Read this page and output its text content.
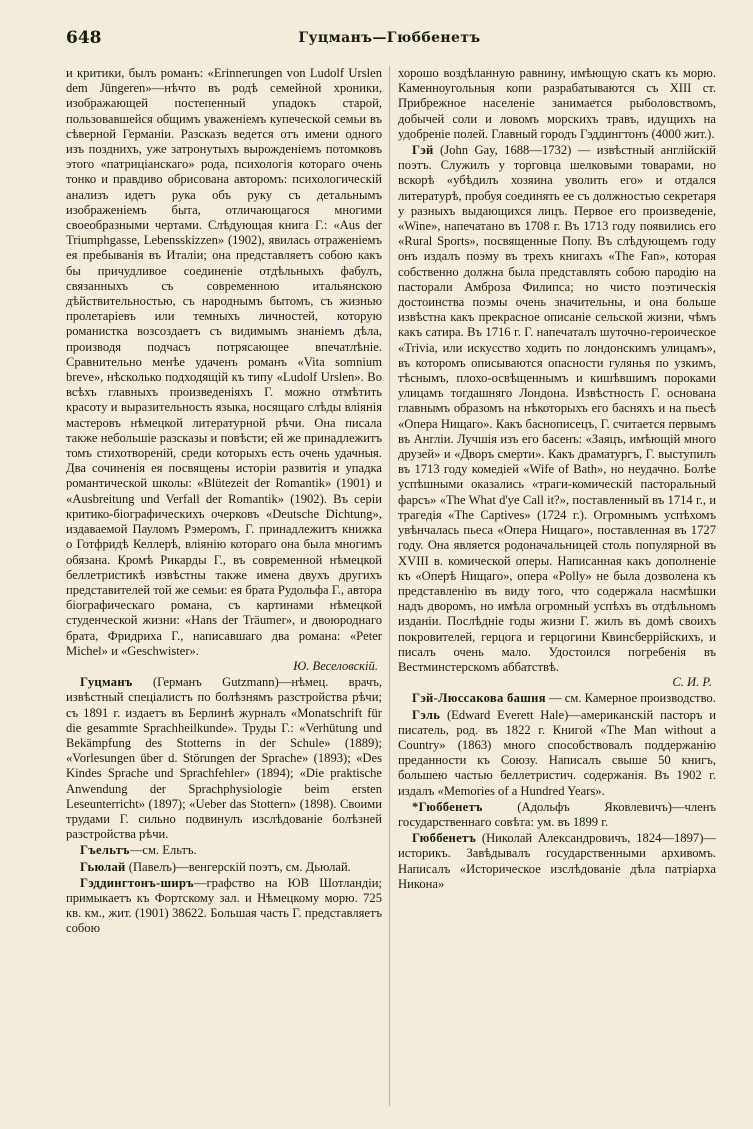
648	Гуцманъ—Гюббенетъ

и критики, былъ романъ: «Erinnerungen von Ludolf Urslen dem Jüngeren»—нѣчто въ родѣ семейной хроники, изображающей постепенный упадокъ старой, пользовавшейся общимъ уваженіемъ купеческой семьи въ сѣверной Германіи. Разсказъ ведется отъ имени одного изъ позднихъ, уже затронутыхъ вырожденіемъ потомковъ этого «патриціанскаго» рода, психологія котораго очень тонко и правдиво обрисована авторомъ: психологическій анализъ идетъ рука объ руку съ детальнымъ изображеніемъ быта, отличающагося многими своеобразными чертами. Слѣдующая книга Г.: «Aus der Triumphgasse, Lebensskizzen» (1902), явилась отраженіемъ ея пребыванія въ Италіи; она представляетъ собою какъ бы причудливое соединеніе отдѣльныхъ фабулъ, связанныхъ съ современною итальянскою дѣйствительностью, съ народнымъ бытомъ, съ жизнью пролетаріевъ или темныхъ личностей, которую романистка возсоздаетъ съ видимымъ знаніемъ дѣла, производя подчасъ потрясающее впечатлѣніе. Сравнительно менѣе удаченъ романъ «Vita somnium breve», нѣсколько подходящій къ типу «Ludolf Urslen». Во всѣхъ главныхъ произведеніяхъ Г. можно отмѣтить красоту и выразительность языка, носящаго слѣды вліянія мастеровъ нѣмецкой литературной рѣчи. Она писала также небольшіе разсказы и повѣсти; ей же принадлежитъ томъ стихотвореній, среди которыхъ есть очень удачныя. Два сочиненія ея посвящены исторіи развитія и упадка романтической школы: «Blütezeit der Romantik» (1901) и «Ausbreitung und Verfall der Romantik» (1902). Въ серіи критико-біографическихъ очерковъ «Deutsche Dichtung», издаваемой Пауломъ Рэмеромъ, Г. принадлежитъ книжка о Готфридѣ Келлерѣ, влiянію котораго она была многимъ обязана. Кромѣ Рикарды Г., въ современной нѣмецкой беллетристикѣ извѣстны также имена двухъ другихъ представителей той же семьи: ея брата Рудольфа Г., автора біографическаго романа, съ картинами нѣмецкой студенческой жизни: «Hans der Träumer», и двоюроднаго брата, Фридриха Г., написавшаго два романа: «Peter Michel» и «Geschwister».
Ю. Веселовскій.

Гуцманъ (Германъ Gutzmann)—нѣмец. врачъ, извѣстный спеціалистъ по болѣзнямъ разстройства рѣчи; съ 1891 г. издаетъ въ Берлинѣ журналъ «Monatschrift für die gesammte Sprachheilkunde». Труды Г.: «Verhütung und Bekämpfung des Stotterns in der Schule» (1889); «Vorlesungen über d. Störungen der Sprache» (1893); «Des Kindes Sprache und Sprachfehler» (1894); «Die praktische Anwendung der Sprachphysiologie beim ersten Leseunterricht» (1897); «Ueber das Stottern» (1898). Своими трудами Г. сильно подвинулъ изслѣдованіе болѣзней разстройства рѣчи.

Гъельтъ—см. Ельтъ.

Гьюлай (Павелъ)—венгерскій поэтъ, см. Дьюлай.

Гэддингтонъ-ширъ—графство на ЮВ Шотландіи; примыкаетъ къ Фортскому зал. и Нѣмецкому морю. 725 кв. км., жит. (1901) 38622. Большая часть Г. представляетъ собою

хорошо воздѣланную равнину, имѣющую скатъ къ морю. Каменноугольныя копи разрабатываются съ XIII ст. Прибрежное населеніе занимается рыболовствомъ, добычей соли и ловомъ морскихъ травъ, идущихъ на удобреніе полей. Главный городъ Гэддингтонъ (4000 жит.).

Гэй (John Gay, 1688—1732) — извѣстный англійскій поэтъ. Служилъ у торговца шелковыми товарами, но вскорѣ «убѣдилъ хозяина уволить его» и отдался литературѣ, пробуя соединять ее съ должностью секретаря у разныхъ выдающихся лицъ. Первое его произведеніе, «Wine», напечатано въ 1708 г. Въ 1713 году появились его «Rural Sports», посвященные Попу. Въ слѣдующемъ году онъ издалъ поэму въ трехъ книгахъ «The Fan», которая собственно должна была представлять собою пародію на пасторали Амброза Филипса; но чисто поэтическія достоинства поэмы очень значительны, и она больше извѣстна какъ прекрасное описаніе сельской жизни, чѣмъ какъ сатира. Въ 1716 г. Г. напечаталъ шуточно-героическое «Trivia, или искусство ходить по лондонскимъ улицамъ», въ которомъ описываются опасности гулянья по узкимъ, тѣснымъ, плохо-освѣщеннымъ и кишѣвшимъ пороками улицамъ тогдашняго Лондона. Извѣстность Г. основана главнымъ образомъ на нѣкоторыхъ его басняхъ и на пьесѣ «Опера Нищаго». Какъ баснописецъ, Г. считается первымъ въ Англіи. Лучшія изъ его басенъ: «Заяцъ, имѣющій много друзей» и «Дворъ смерти». Какъ драматургъ, Г. выступилъ въ 1713 году комедіей «Wife of Bath», но неудачно. Болѣе успѣшными оказались «траги-комическій пасторальный фарсъ» «The What d'ye Call it?», поставленный въ 1714 г., и трагедія «The Captives» (1724 г.). Огромнымъ успѣхомъ увѣнчалась пьеса «Опера Нищаго», поставленная въ 1727 году. Она является родоначальницей столь популярной въ XVIII в. комической оперы. Написанная какъ дополненіе къ «Оперѣ Нищаго», опера «Polly» не была дозволена къ представленію въ виду того, что содержала насмѣшки надъ дворомъ, но имѣла огромный успѣхъ въ отдѣльномъ изданіи. Послѣдніе годы жизни Г. жилъ въ домѣ своихъ покровителей, герцога и герцогини Квинсберрійскихъ, и писалъ очень мало. Удостоился погребенія въ Вестминстерскомъ аббатствѣ.
С. И. Р.

Гэй-Люссакова башня — см. Камерное производство.

Гэль (Edward Everett Hale)—американскій пасторъ и писатель, род. въ 1822 г. Книгой «The Man without a Country» (1863) много способствовалъ поддержанію преданности къ Союзу. Написалъ свыше 50 книгъ, большею частью беллетристич. содержанія. Въ 1902 г. издалъ «Memories of a Hundred Years».

*Гюббенетъ	(Адольфъ Яковлевичъ)—членъ государственнаго совѣта: ум. въ 1899 г.

Гюббенетъ (Николай Александровичъ, 1824—1897)—историкъ. Завѣдывалъ государственными архивомъ. Написалъ «Историческое изслѣдованіе дѣла патріарха Никона»
